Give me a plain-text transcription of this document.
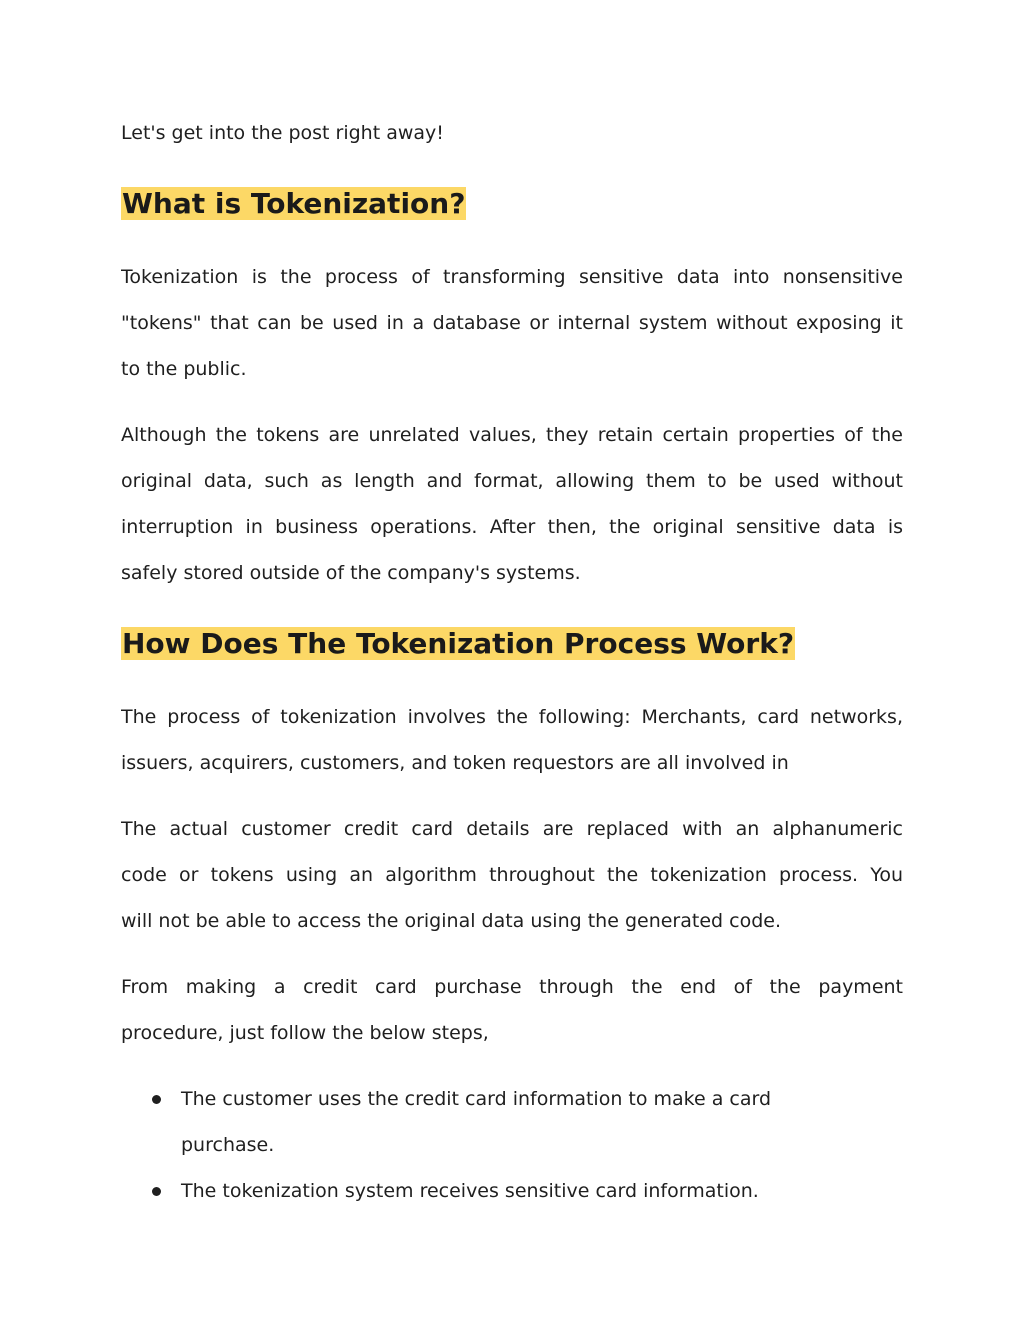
Let's get into the post right away!

What is Tokenization?

Tokenization is the process of transforming sensitive data into nonsensitive
"tokens" that can be used in a database or internal system without exposing it
to the public.

Although the tokens are unrelated values, they retain certain properties of the
original data, such as length and format, allowing them to be used without
interruption in business operations. After then, the original sensitive data is
safely stored outside of the company's systems.

How Does The Tokenization Process Work?

The process of tokenization involves the following: Merchants, card networks,
issuers, acquirers, customers, and token requestors are all involved in

The actual customer credit card details are replaced with an alphanumeric
code or tokens using an algorithm throughout the tokenization process. You
will not be able to access the original data using the generated code.

From making a credit card purchase through the end of the payment
procedure, just follow the below steps,

The customer uses the credit card information to make a card
purchase.
The tokenization system receives sensitive card information.
